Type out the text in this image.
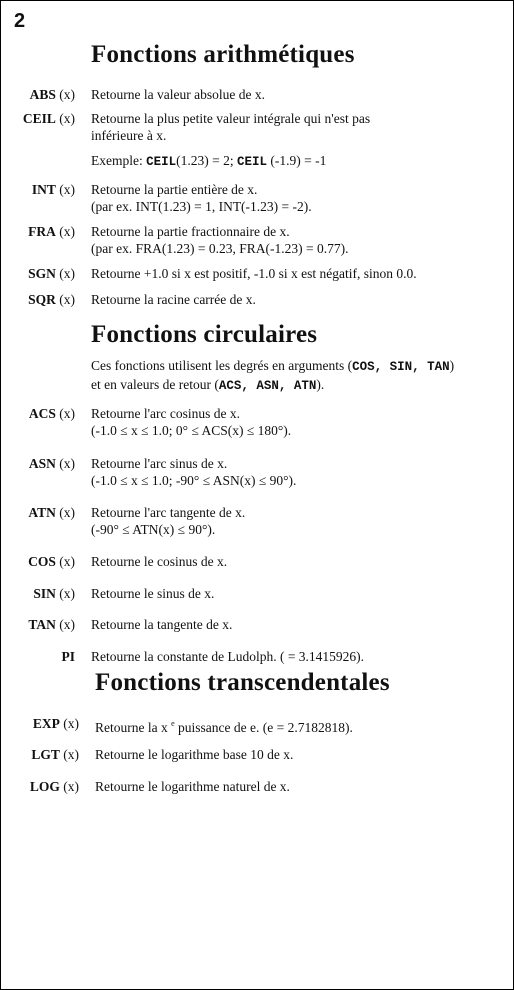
2
Fonctions arithmétiques
ABS (x) Retourne la valeur absolue de x.
CEIL (x) Retourne la plus petite valeur intégrale qui n'est pas
inférieure à x.
Exemple: CEIL(1.23) = 2; CEIL (-1.9) = -1
INT (x) Retourne la partie entière de x.
(par ex. INT(1.23) = 1, INT(-1.23) = -2).
FRA (x) Retourne la partie fractionnaire de x.
(par ex. FRA(1.23) = 0.23, FRA(-1.23) = 0.77).
SGN (x) Retourne +1.0 si x est positif, -1.0 si x est négatif, sinon 0.0.
SQR (x) Retourne la racine carrée de x.
Fonctions circulaires
Ces fonctions utilisent les degrés en arguments (COS, SIN, TAN)
et en valeurs de retour (ACS, ASN, ATN).
ACS (x) Retourne l'arc cosinus de x.
(-1.0 ≤ x ≤ 1.0; 0° ≤ ACS(x) ≤ 180°).
ASN (x) Retourne l'arc sinus de x.
(-1.0 ≤ x ≤ 1.0; -90° ≤ ASN(x) ≤ 90°).
ATN (x) Retourne l'arc tangente de x.
(-90° ≤ ATN(x) ≤ 90°).
COS (x) Retourne le cosinus de x.
SIN (x) Retourne le sinus de x.
TAN (x) Retourne la tangente de x.
PI Retourne la constante de Ludolph. ( = 3.1415926).
Fonctions transcendentales
EXP (x) Retourne la x $^e$ puissance de e. (e = 2.7182818).
LGT (x) Retourne le logarithme base 10 de x.
LOG (x) Retourne le logarithme naturel de x.
